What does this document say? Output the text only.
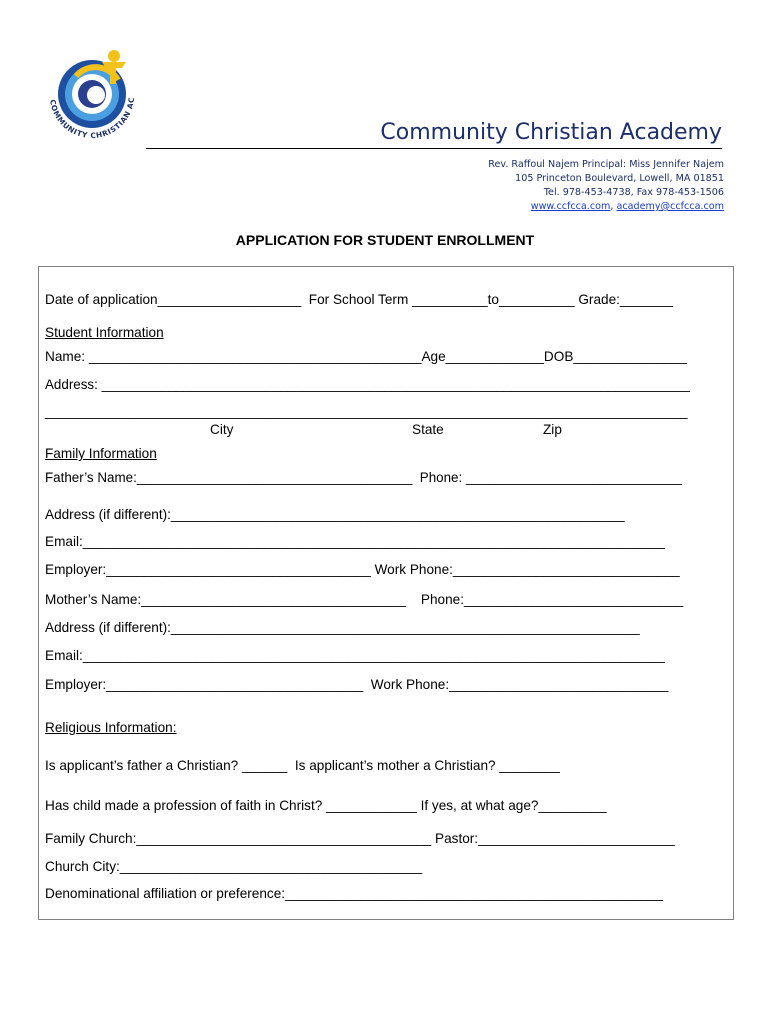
COMMUNITY CHRISTIAN AC
Community Christian Academy
Rev. Raffoul Najem Principal: Miss Jennifer Najem
105 Princeton Boulevard, Lowell, MA 01851
Tel. 978-453-4738, Fax 978-453-1506
www.ccfcca.com, academy@ccfcca.com
APPLICATION FOR STUDENT ENROLLMENT
Date of application___________________  For School Term __________to__________ Grade:_______
Student Information
Name: ____________________________________________Age_____________DOB_______________
Address: _______________________________________________________________________________
_____________________________________________________________________________________
City	State	Zip
Family Information
Father’s Name:_____________________________________  Phone: _____________________________
Address (if different):____________________________________________________________
Email:_____________________________________________________________________________
Employer:___________________________________ Work Phone:______________________________
Mother’s Name:___________________________________    Phone:_____________________________
Address (if different):______________________________________________________________
Email:_____________________________________________________________________________
Employer:__________________________________  Work Phone:_____________________________
Religious Information:
Is applicant’s father a Christian? ______  Is applicant’s mother a Christian? ________
Has child made a profession of faith in Christ? ____________ If yes, at what age?_________
Family Church:_______________________________________ Pastor:__________________________
Church City:________________________________________
Denominational affiliation or preference:__________________________________________________
